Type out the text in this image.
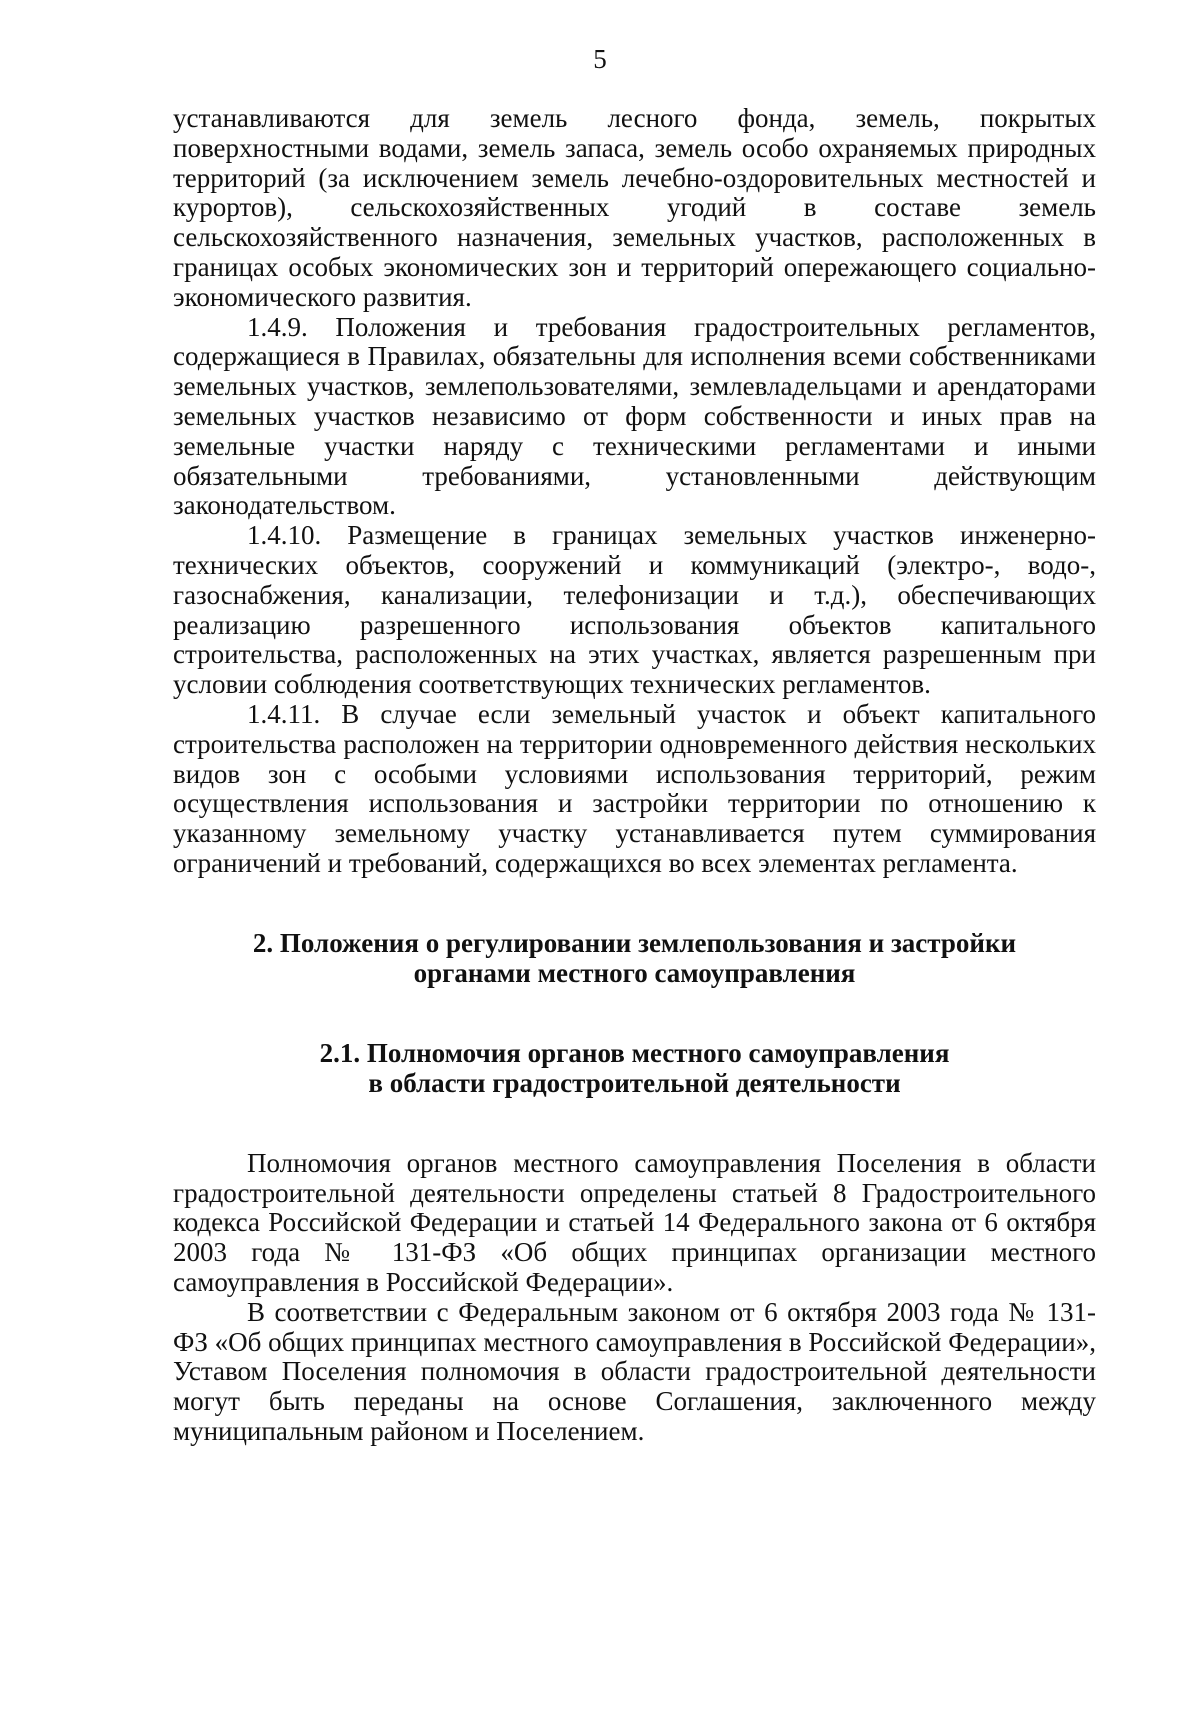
5

устанавливаются для земель лесного фонда, земель, покрытых поверхностными водами, земель запаса, земель особо охраняемых природных территорий (за исключением земель лечебно-оздоровительных местностей и курортов), сельскохозяйственных угодий в составе земель сельскохозяйственного назначения, земельных участков, расположенных в границах особых экономических зон и территорий опережающего социально-экономического развития.

1.4.9. Положения и требования градостроительных регламентов, содержащиеся в Правилах, обязательны для исполнения всеми собственниками земельных участков, землепользователями, землевладельцами и арендаторами земельных участков независимо от форм собственности и иных прав на земельные участки наряду с техническими регламентами и иными обязательными требованиями, установленными действующим законодательством.

1.4.10. Размещение в границах земельных участков инженерно-технических объектов, сооружений и коммуникаций (электро-, водо-, газоснабжения, канализации, телефонизации и т.д.), обеспечивающих реализацию разрешенного использования объектов капитального строительства, расположенных на этих участках, является разрешенным при условии соблюдения соответствующих технических регламентов.

1.4.11. В случае если земельный участок и объект капитального строительства расположен на территории одновременного действия нескольких видов зон с особыми условиями использования территорий, режим осуществления использования и застройки территории по отношению к указанному земельному участку устанавливается путем суммирования ограничений и требований, содержащихся во всех элементах регламента.

2. Положения о регулировании землепользования и застройки
органами местного самоуправления
2.1. Полномочия органов местного самоуправления
в области градостроительной деятельности

Полномочия органов местного самоуправления Поселения в области градостроительной деятельности определены статьей 8 Градостроительного кодекса Российской Федерации и статьей 14 Федерального закона от 6 октября 2003 года № 131-ФЗ «Об общих принципах организации местного самоуправления в Российской Федерации».

В соответствии с Федеральным законом от 6 октября 2003 года № 131-ФЗ «Об общих принципах местного самоуправления в Российской Федерации», Уставом Поселения полномочия в области градостроительной деятельности могут быть переданы на основе Соглашения, заключенного между муниципальным районом и Поселением.
